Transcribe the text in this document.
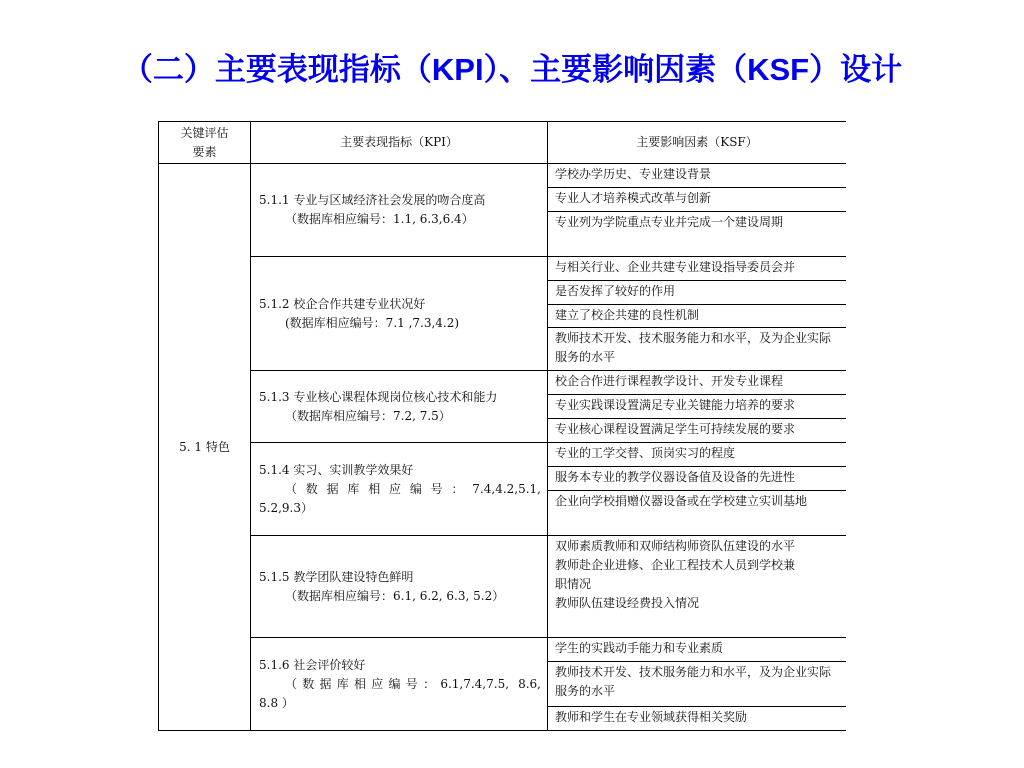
（二）主要表现指标（KPI）、主要影响因素（KSF）设计
关键评估要素
主要表现指标（KPI）	主要影响因素（KSF）
5. 1 特色
5.1.1 专业与区域经济社会发展的吻合度高
（数据库相应编号：1.1, 6.3,6.4）
学校办学历史、专业建设背景
专业人才培养模式改革与创新
专业列为学院重点专业并完成一个建设周期
5.1.2 校企合作共建专业状况好
(数据库相应编号：7.1 ,7.3,4.2)
与相关行业、企业共建专业建设指导委员会并
是否发挥了较好的作用
建立了校企共建的良性机制
教师技术开发、技术服务能力和水平，及为企业实际服务的水平
5.1.3 专业核心课程体现岗位核心技术和能力
（数据库相应编号：7.2, 7.5）
校企合作进行课程教学设计、开发专业课程
专业实践课设置满足专业关键能力培养的要求
专业核心课程设置满足学生可持续发展的要求
5.1.4 实习、实训教学效果好
（ 数 据 库 相 应 编 号 ： 7.4,4.2,5.1,
5.2,9.3）
专业的工学交替、顶岗实习的程度
服务本专业的教学仪器设备值及设备的先进性
企业向学校捐赠仪器设备或在学校建立实训基地
5.1.5 教学团队建设特色鲜明
（数据库相应编号：6.1, 6.2, 6.3, 5.2）
双师素质教师和双师结构师资队伍建设的水平
教师赴企业进修、企业工程技术人员到学校兼
职情况
教师队伍建设经费投入情况
5.1.6 社会评价较好
（数据库相应编号：6.1,7.4,7.5, 8.6,
8.8 ）
学生的实践动手能力和专业素质
教师技术开发、技术服务能力和水平，及为企业实际服务的水平
教师和学生在专业领域获得相关奖励
